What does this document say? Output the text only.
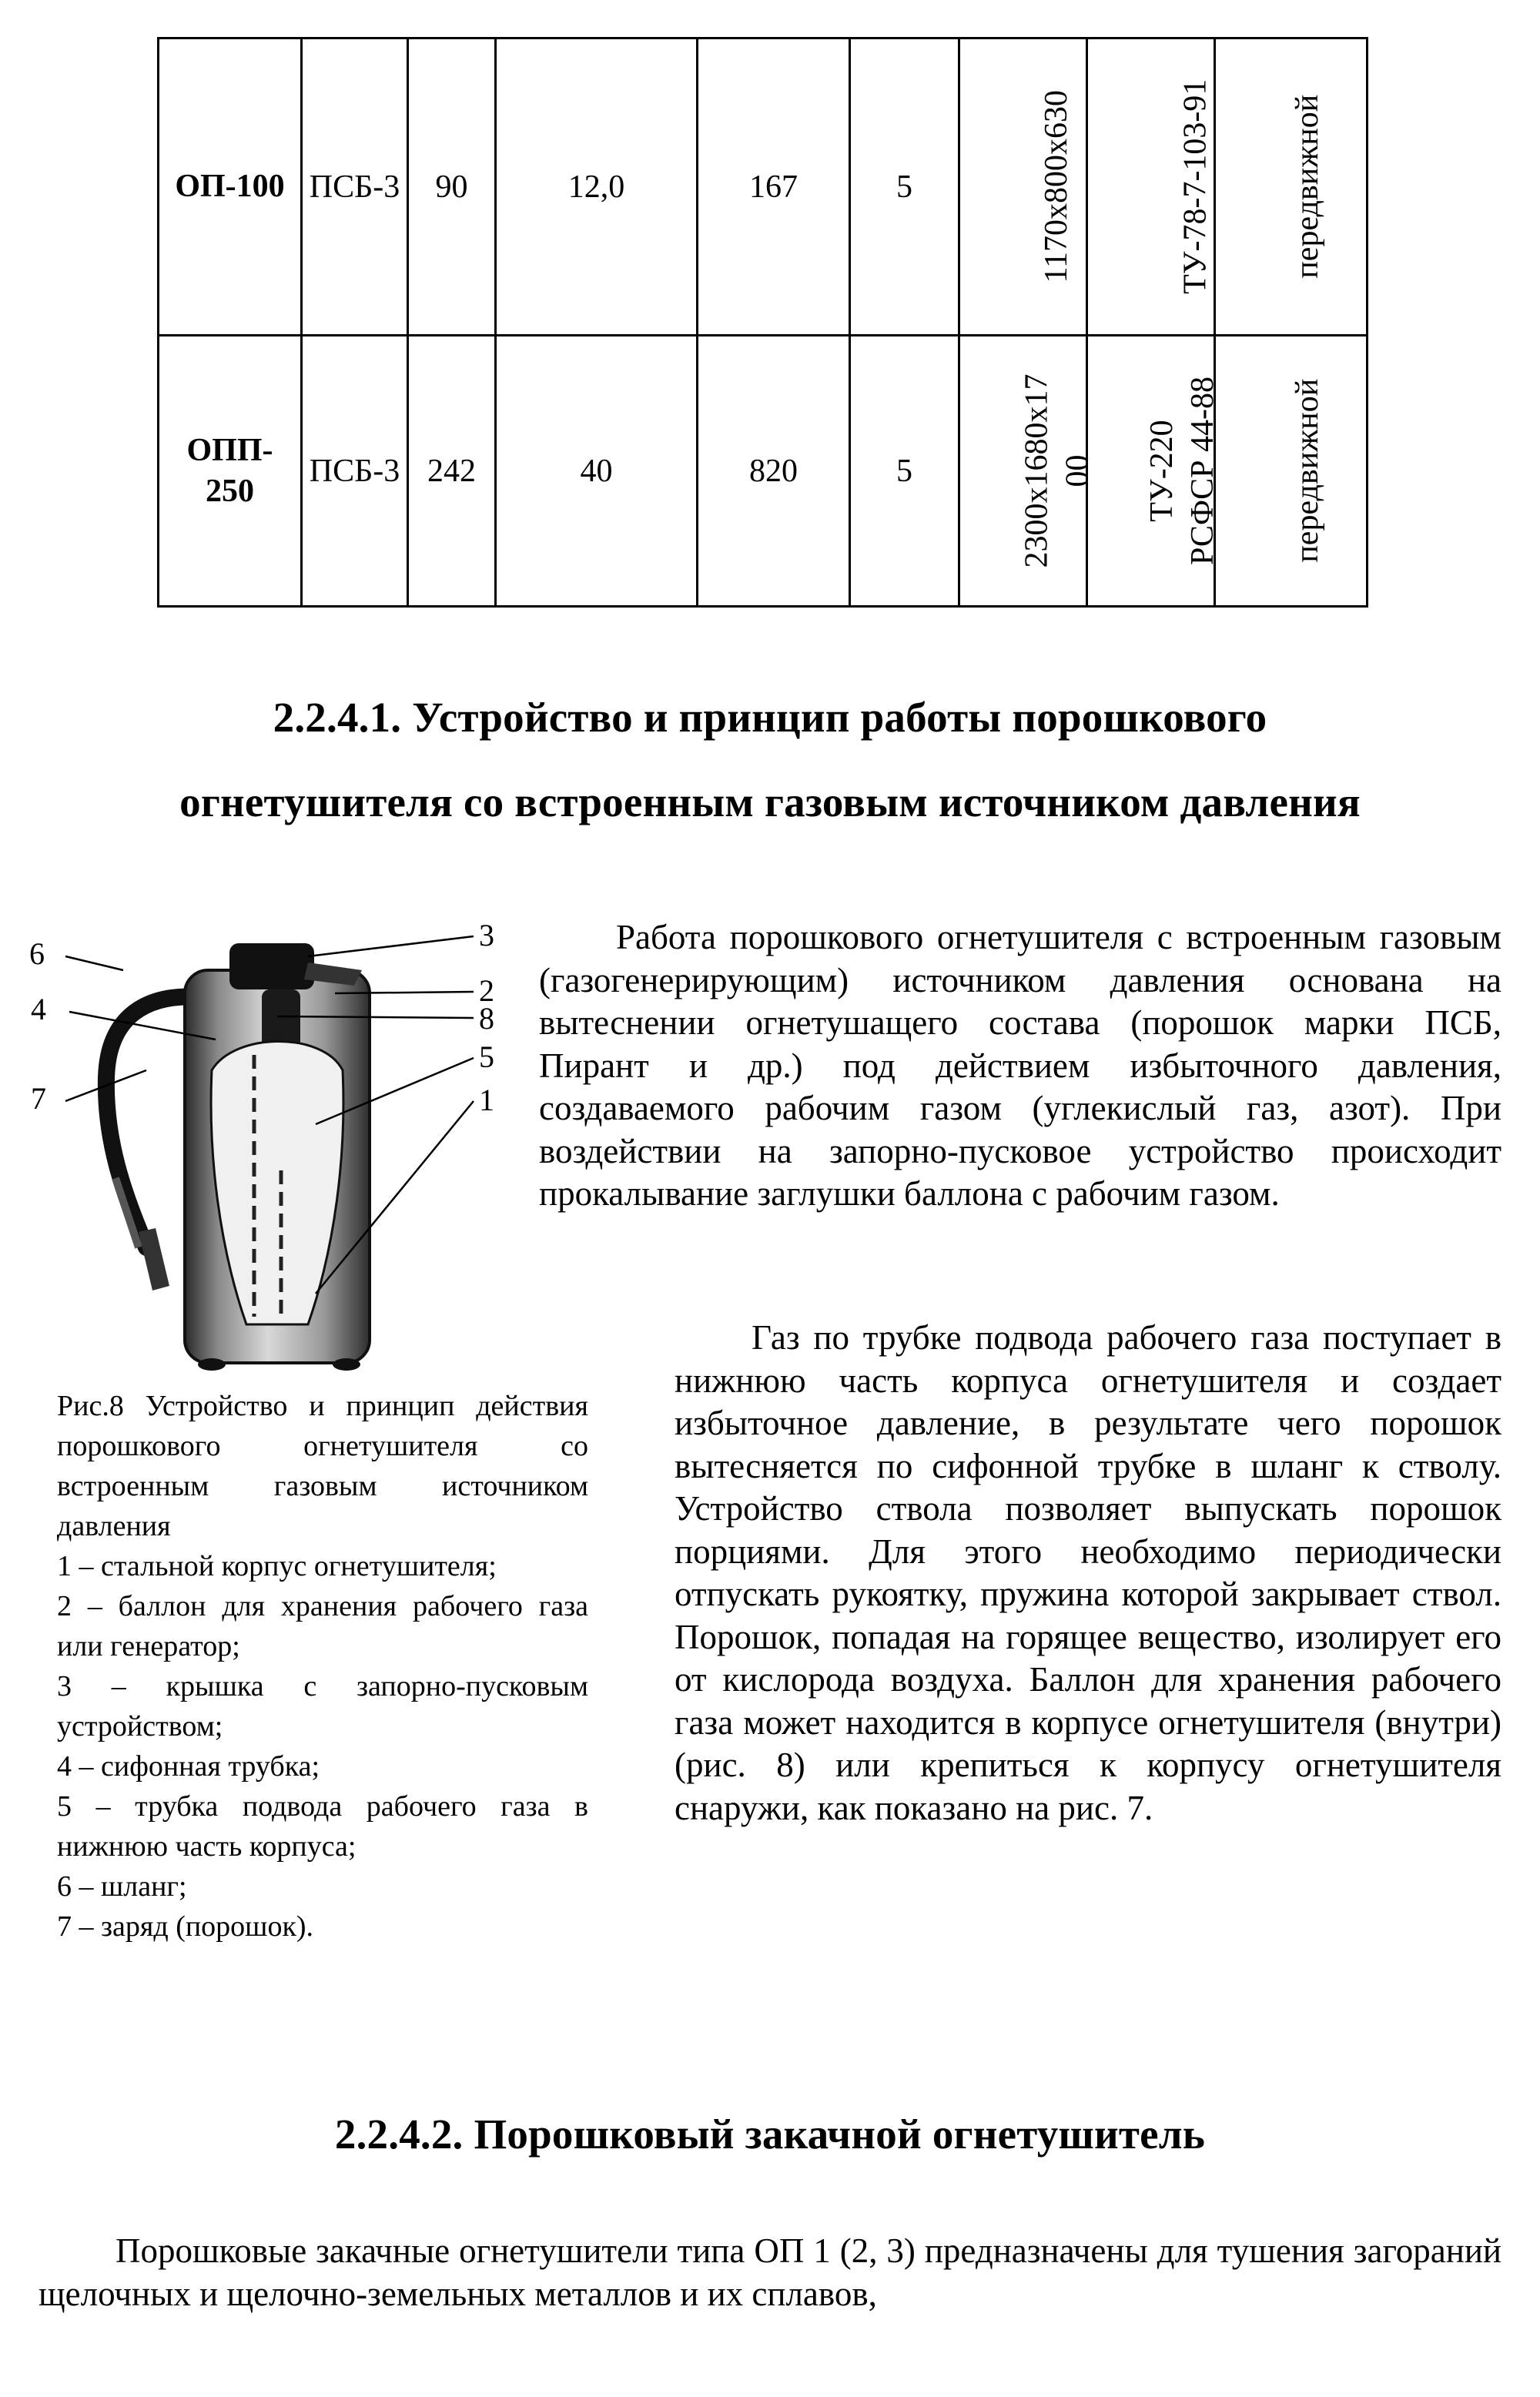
ОП-100	ПСБ-3	90	12,0	167	5	1170х800х630	ТУ-78-7-103-91	передвижной
ОПП-
250	ПСБ-3	242	40	820	5	2300х1680х17 00	ТУ-220 РСФСР 44-88	передвижной
2.2.4.1. Устройство и принцип работы порошкового
огнетушителя со встроенным газовым источником давления
3
6
2
4	8
5
7	1

Рис.8 Устройство и принцип действия порошкового огнетушителя со встроенным газовым источником давления

1 – стальной корпус огнетушителя;

2 – баллон для хранения рабочего газа или генератор;

3 – крышка с запорно-пусковым устройством;

4 – сифонная трубка;

5 – трубка подвода рабочего газа в нижнюю часть корпуса;

6 – шланг;

7 – заряд (порошок).

Работа порошкового огнетушителя с встроенным газовым (газогенерирующим) источником давления основана на вытеснении огнетушащего состава (порошок марки ПСБ, Пирант и др.) под действием избыточного давления, создаваемого рабочим газом (углекислый газ, азот). При воздействии на запорно-пусковое устройство происходит прокалывание заглушки баллона с рабочим газом.

Газ по трубке подвода рабочего газа поступает в нижнюю часть корпуса огнетушителя и создает избыточное давление, в результате чего порошок вытесняется по сифонной трубке в шланг к стволу. Устройство ствола позволяет выпускать порошок порциями. Для этого необходимо периодически отпускать рукоятку, пружина которой закрывает ствол. Порошок, попадая на горящее вещество, изолирует его от кислорода воздуха. Баллон для хранения рабочего газа может находится в корпусе огнетушителя (внутри) (рис. 8) или крепиться к корпусу огнетушителя снаружи, как показано на рис. 7.

2.2.4.2. Порошковый закачной огнетушитель

Порошковые закачные огнетушители типа ОП 1 (2, 3) предназначены для тушения загораний щелочных и щелочно-земельных металлов и их сплавов,
